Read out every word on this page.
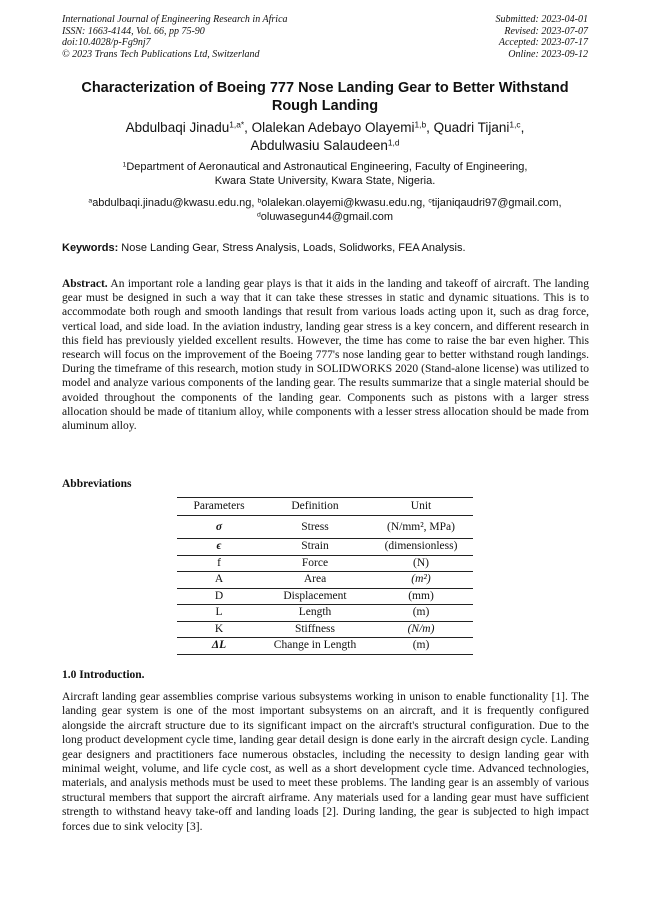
International Journal of Engineering Research in Africa
ISSN: 1663-4144, Vol. 66, pp 75-90
doi:10.4028/p-Fg9nj7
© 2023 Trans Tech Publications Ltd, Switzerland
Submitted: 2023-04-01
Revised: 2023-07-07
Accepted: 2023-07-17
Online: 2023-09-12
Characterization of Boeing 777 Nose Landing Gear to Better Withstand
Rough Landing
Abdulbaqi Jinadu$^{1,a*}$, Olalekan Adebayo Olayemi$^{1,b}$, Quadri Tijani$^{1,c}$,
Abdulwasiu Salaudeen$^{1,d}$
$^1$Department of Aeronautical and Astronautical Engineering, Faculty of Engineering,
Kwara State University, Kwara State, Nigeria.
$^a$abdulbaqi.jinadu@kwasu.edu.ng, $^b$olalekan.olayemi@kwasu.edu.ng, $^c$tijaniqaudri97@gmail.com,
$^d$oluwasegun44@gmail.com
Keywords: Nose Landing Gear, Stress Analysis, Loads, Solidworks, FEA Analysis.
Abstract. An important role a landing gear plays is that it aids in the landing and takeoff of aircraft. The landing gear must be designed in such a way that it can take these stresses in static and dynamic situations. This is to accommodate both rough and smooth landings that result from various loads acting upon it, such as drag force, vertical load, and side load. In the aviation industry, landing gear stress is a key concern, and different research in this field has previously yielded excellent results. However, the time has come to raise the bar even higher. This research will focus on the improvement of the Boeing 777's nose landing gear to better withstand rough landings. During the timeframe of this research, motion study in SOLIDWORKS 2020 (Stand-alone license) was utilized to model and analyze various components of the landing gear. The results summarize that a single material should be avoided throughout the components of the landing gear. Components such as pistons with a larger stress allocation should be made of titanium alloy, while components with a lesser stress allocation should be made from aluminum alloy.
Abbreviations
Parameters	Definition	Unit
σ	Stress	(N/mm², MPa)
ϵ	Strain	(dimensionless)
f	Force	(N)
A	Area	(m²)
D	Displacement	(mm)
L	Length	(m)
K	Stiffness	(N/m)
ΔL	Change in Length	(m)
1.0 Introduction.
Aircraft landing gear assemblies comprise various subsystems working in unison to enable functionality [1]. The landing gear system is one of the most important subsystems on an aircraft, and it is frequently configured alongside the aircraft structure due to its significant impact on the aircraft's structural configuration. Due to the long product development cycle time, landing gear detail design is done early in the aircraft design cycle. Landing gear designers and practitioners face numerous obstacles, including the necessity to design landing gear with minimal weight, volume, and life cycle cost, as well as a short development cycle time. Advanced technologies, materials, and analysis methods must be used to meet these problems. The landing gear is an assembly of various structural members that support the aircraft airframe. Any materials used for a landing gear must have sufficient strength to withstand heavy take-off and landing loads [2]. During landing, the gear is subjected to high impact forces due to sink velocity [3].
